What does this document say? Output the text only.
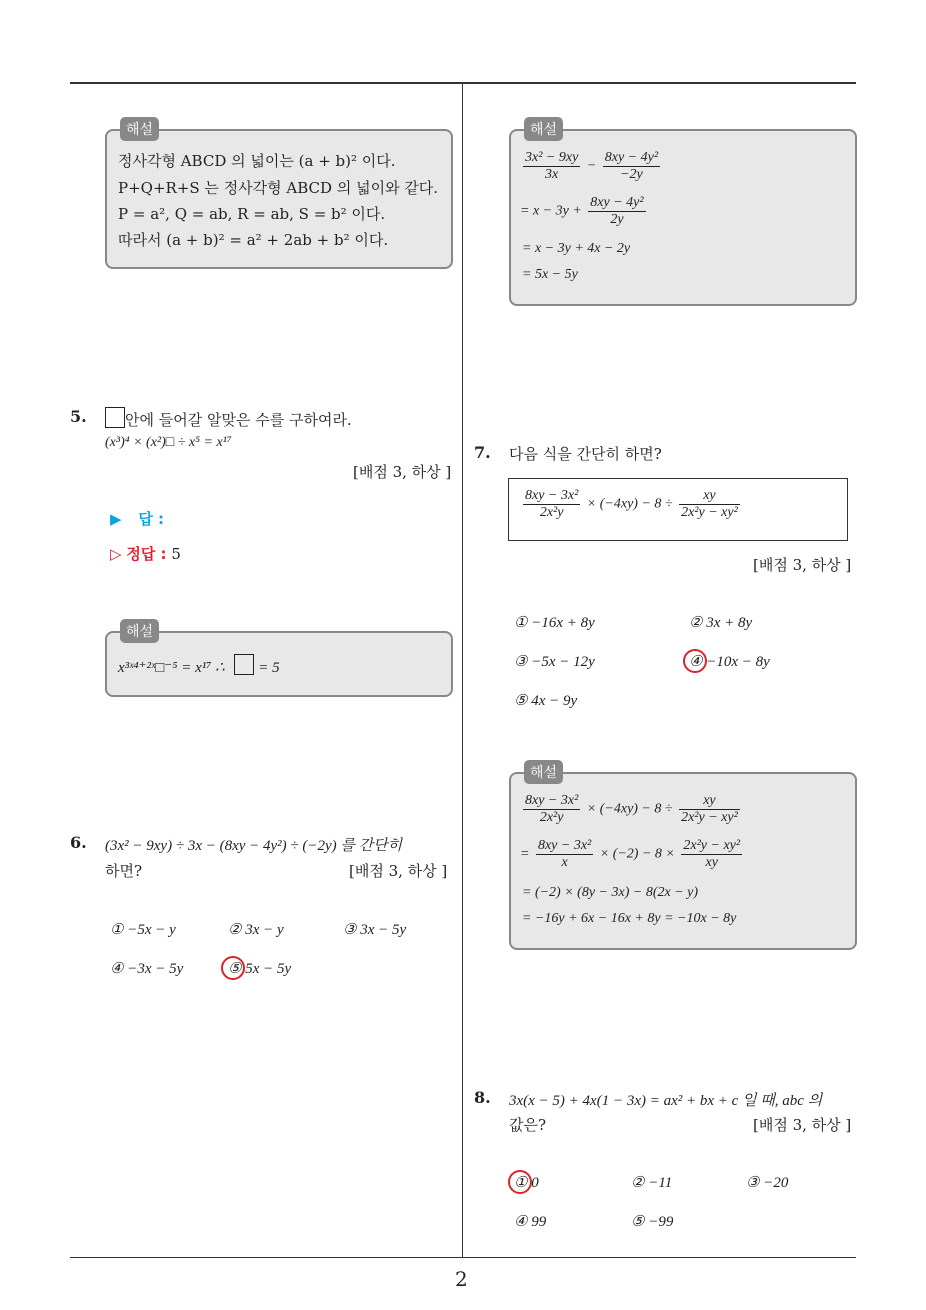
2
해설
정사각형 ABCD 의 넓이는 (a + b)² 이다.
P+Q+R+S 는 정사각형 ABCD 의 넓이와 같다.
P = a², Q = ab, R = ab, S = b² 이다.
따라서 (a + b)² = a² + 2ab + b² 이다.
5.	안에 들어갈 알맞은 수를 구하여라.
(x³)⁴ × (x²)□ ÷ x⁵ = x¹⁷
[배점 3, 하상 ]
▶ 답 :
▷ 정답 : 5
해설
x³ˣ⁴⁺²ˣ□⁻⁵ = x¹⁷ ∴ = 5
6. (3x² − 9xy) ÷ 3x − (8xy − 4y²) ÷ (−2y) 를 간단히
하면?	[배점 3, 하상 ]
① −5x − y	② 3x − y	③ 3x − 5y
④ −3x − 5y	⑤ 5x − 5y
해설
$\frac{\text{3x² − 9xy}}{3x} - \frac{\text{8xy − 4y²}}{-2y}$
= $x - 3y + \frac{\text{8xy − 4y²}}{2y}$
= x − 3y + 4x − 2y
= 5x − 5y
7. 다음 식을 간단히 하면?
$\frac{\text{8xy − 3x²}}{\text{2x²y}} \times (-4xy) - 8 \div \frac{xy}{\text{2x²y − xy²}}$
[배점 3, 하상 ]
① −16x + 8y	② 3x + 8y
③ −5x − 12y	④ −10x − 8y
⑤ 4x − 9y
해설
$\frac{\text{8xy − 3x²}}{\text{2x²y}} \times (-4xy) - 8 \div \frac{xy}{\text{2x²y − xy²}}$
= $\frac{\text{8xy − 3x²}}{x} \times (-2) - 8 \times \frac{\text{2x²y − xy²}}{xy}$
= (−2) × (8y − 3x) − 8(2x − y)
= −16y + 6x − 16x + 8y = −10x − 8y
8. 3x(x − 5) + 4x(1 − 3x) = ax² + bx + c 일 때, abc 의
값은?	[배점 3, 하상 ]
① 0	② −11	③ −20
④ 99	⑤ −99
